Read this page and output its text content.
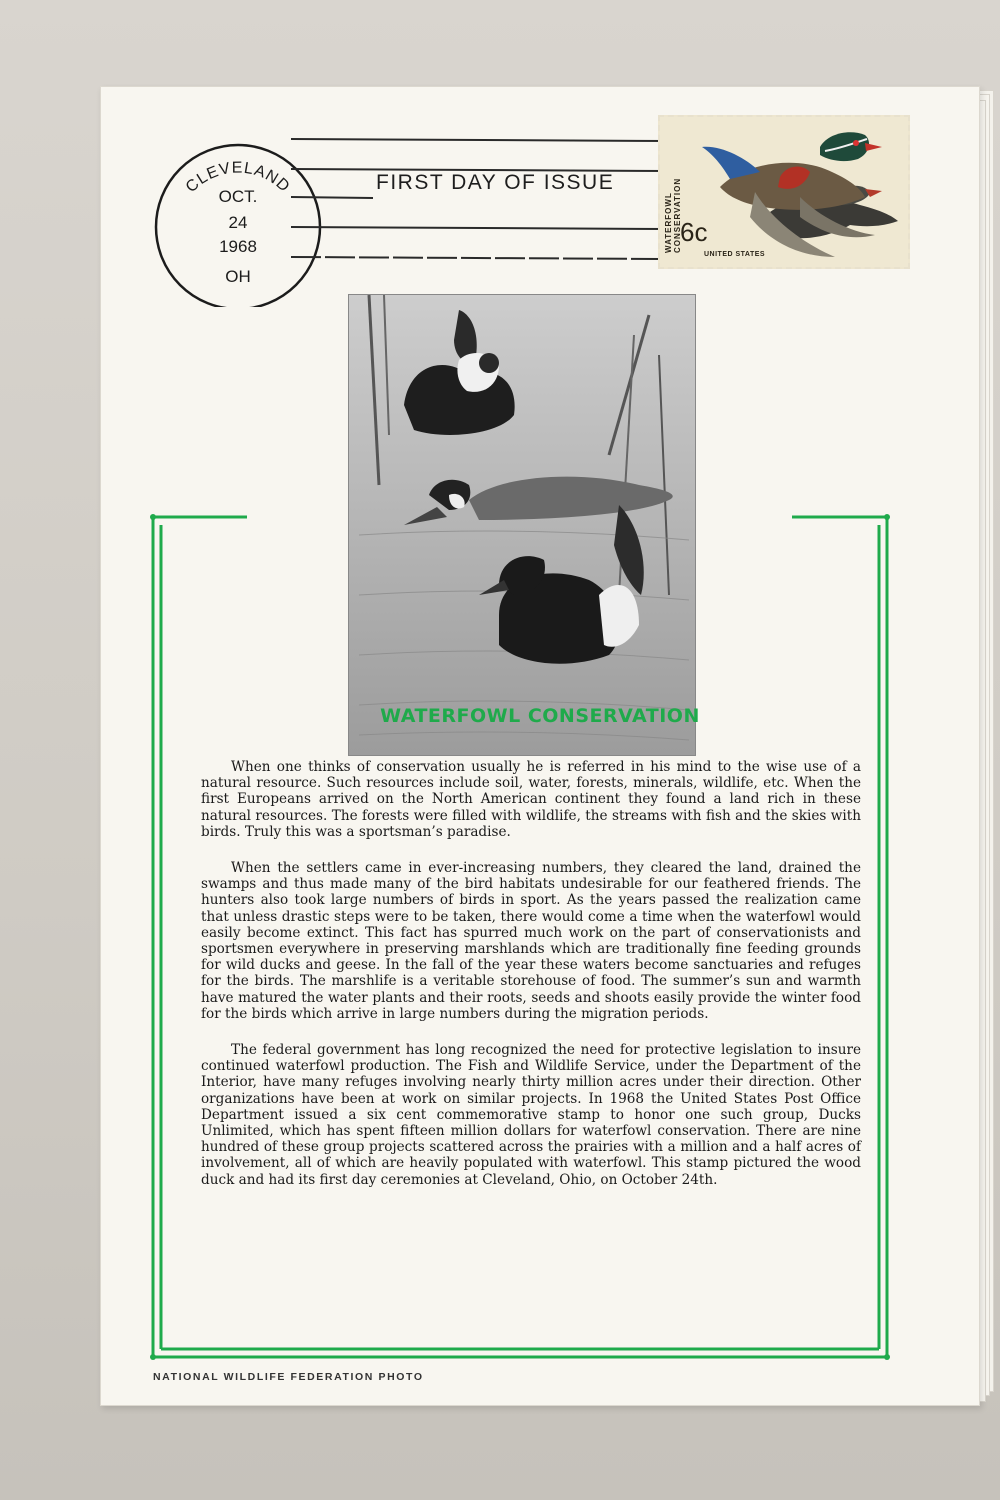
CLEVELAND
OCT.
24
1968
OH
FIRST DAY OF ISSUE
WATERFOWL CONSERVATION
6c
UNITED STATES
WATERFOWL CONSERVATION

When one thinks of conservation usually he is referred in his mind to the wise use of a natural resource. Such resources include soil, water, forests, minerals, wildlife, etc. When the first Europeans arrived on the North American continent they found a land rich in these natural resources. The forests were filled with wildlife, the streams with fish and the skies with birds. Truly this was a sportsman’s paradise.

When the settlers came in ever-increasing numbers, they cleared the land, drained the swamps and thus made many of the bird habitats undesirable for our feathered friends. The hunters also took large numbers of birds in sport. As the years passed the realization came that unless drastic steps were to be taken, there would come a time when the waterfowl would easily become extinct. This fact has spurred much work on the part of conservationists and sportsmen everywhere in preserving marshlands which are traditionally fine feeding grounds for wild ducks and geese. In the fall of the year these waters become sanctuaries and refuges for the birds. The marshlife is a veritable storehouse of food. The summer’s sun and warmth have matured the water plants and their roots, seeds and shoots easily provide the winter food for the birds which arrive in large numbers during the migration periods.

The federal government has long recognized the need for protective legislation to insure continued waterfowl production. The Fish and Wildlife Service, under the Department of the Interior, have many refuges involving nearly thirty million acres under their direction. Other organizations have been at work on similar projects. In 1968 the United States Post Office Department issued a six cent commemorative stamp to honor one such group, Ducks Unlimited, which has spent fifteen million dollars for waterfowl conservation. There are nine hundred of these group projects scattered across the prairies with a million and a half acres of involvement, all of which are heavily populated with waterfowl. This stamp pictured the wood duck and had its first day ceremonies at Cleveland, Ohio, on October 24th.

NATIONAL WILDLIFE FEDERATION PHOTO
